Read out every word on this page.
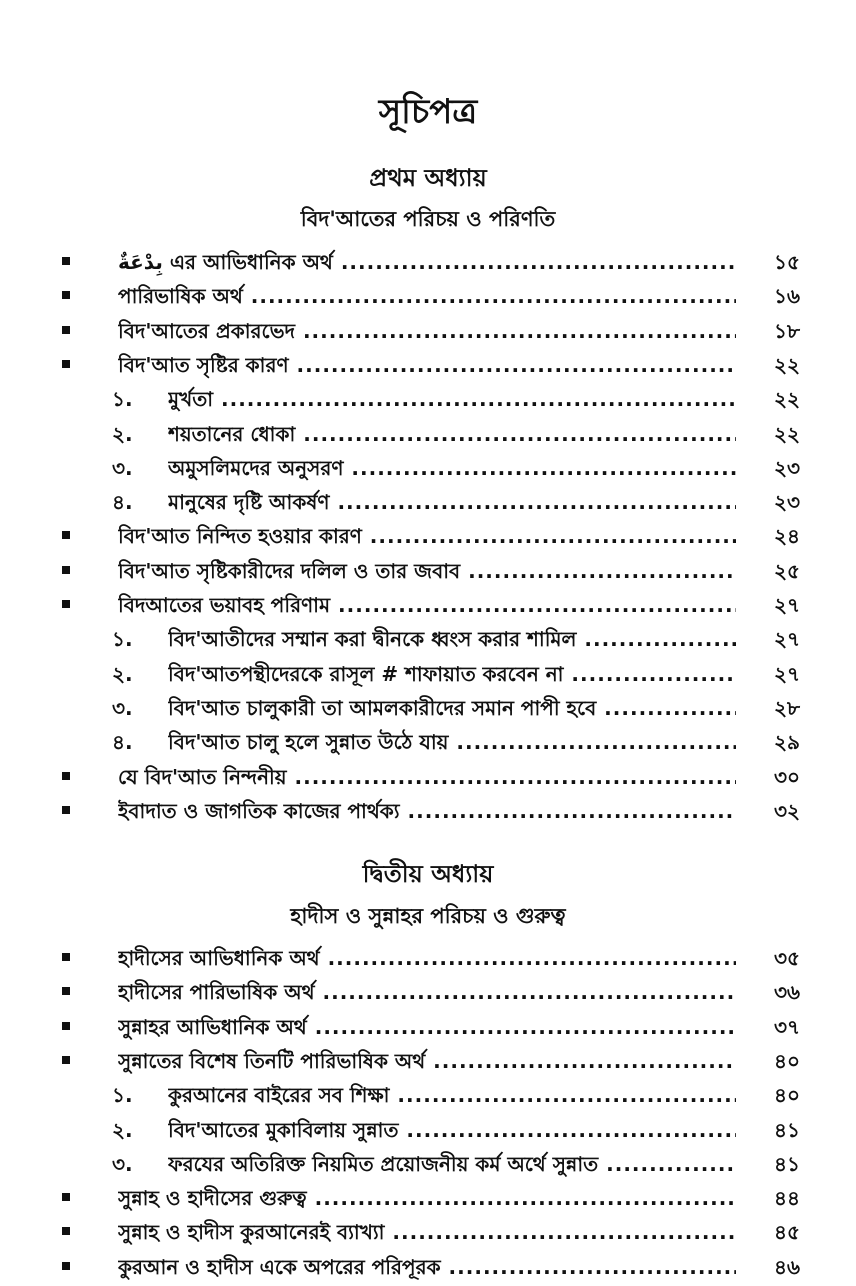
সূচিপত্র
প্রথম অধ্যায়
বিদ'আতের পরিচয় ও পরিণতি
بِدْعَةٌ এর আভিধানিক অর্থ .....	১৫
পারিভাষিক অর্থ .....	১৬
বিদ'আতের প্রকারভেদ .....	১৮
বিদ'আত সৃষ্টির কারণ .....	২২
১. মুর্খতা .....	২২
২. শয়তানের ধোকা .....	২২
৩. অমুসলিমদের অনুসরণ .....	২৩
৪. মানুষের দৃষ্টি আকর্ষণ .....	২৩
বিদ'আত নিন্দিত হওয়ার কারণ .....	২৪
বিদ'আত সৃষ্টিকারীদের দলিল ও তার জবাব .....	২৫
বিদআতের ভয়াবহ পরিণাম .....	২৭
১. বিদ'আতীদের সম্মান করা দ্বীনকে ধ্বংস করার শামিল .....	২৭
২. বিদ'আতপন্থীদেরকে রাসূল # শাফায়াত করবেন না .....	২৭
৩. বিদ'আত চালুকারী তা আমলকারীদের সমান পাপী হবে .....	২৮
৪. বিদ'আত চালু হলে সুন্নাত উঠে যায় .....	২৯
যে বিদ'আত নিন্দনীয় .....	৩০
ইবাদাত ও জাগতিক কাজের পার্থক্য .....	৩২
দ্বিতীয় অধ্যায়
হাদীস ও সুন্নাহর পরিচয় ও গুরুত্ব
হাদীসের আভিধানিক অর্থ .....	৩৫
হাদীসের পারিভাষিক অর্থ .....	৩৬
সুন্নাহর আভিধানিক অর্থ .....	৩৭
সুন্নাতের বিশেষ তিনটি পারিভাষিক অর্থ .....	৪০
১. কুরআনের বাইরের সব শিক্ষা .....	৪০
২. বিদ'আতের মুকাবিলায় সুন্নাত .....	৪১
৩. ফরযের অতিরিক্ত নিয়মিত প্রয়োজনীয় কর্ম অর্থে সুন্নাত .....	৪১
সুন্নাহ ও হাদীসের গুরুত্ব .....	৪৪
সুন্নাহ ও হাদীস কুরআনেরই ব্যাখ্যা .....	৪৫
কুরআন ও হাদীস একে অপরের পরিপূরক .....	৪৬
